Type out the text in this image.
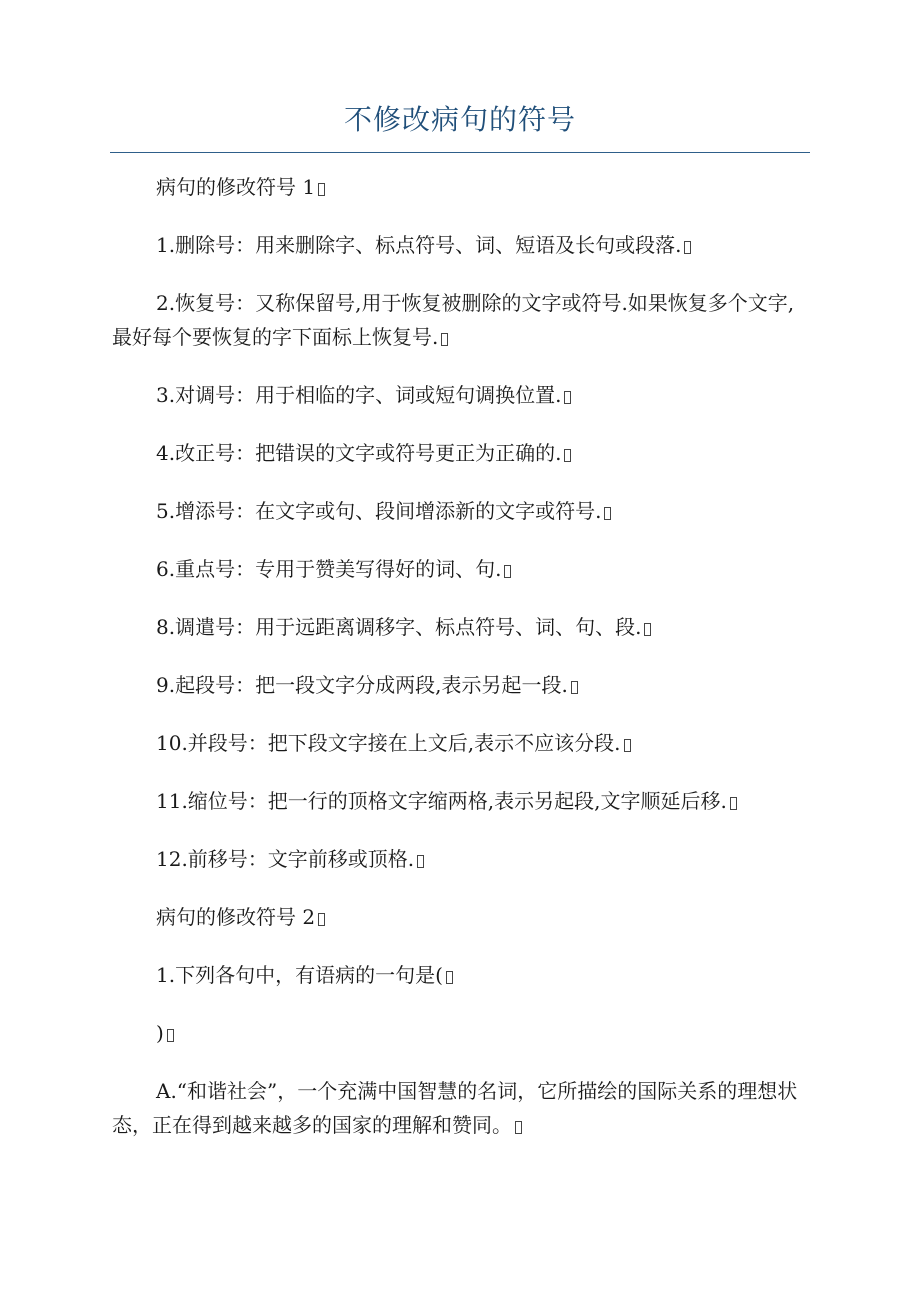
不修改病句的符号

病句的修改符号 1

1.删除号：用来删除字、标点符号、词、短语及长句或段落.

2.恢复号：又称保留号,用于恢复被删除的文字或符号.如果恢复多个文字,最好每个要恢复的字下面标上恢复号.

3.对调号：用于相临的字、词或短句调换位置.

4.改正号：把错误的文字或符号更正为正确的.

5.增添号：在文字或句、段间增添新的文字或符号.

6.重点号：专用于赞美写得好的词、句.

8.调遣号：用于远距离调移字、标点符号、词、句、段.

9.起段号：把一段文字分成两段,表示另起一段.

10.并段号：把下段文字接在上文后,表示不应该分段.

11.缩位号：把一行的顶格文字缩两格,表示另起段,文字顺延后移.

12.前移号：文字前移或顶格.

病句的修改符号 2

1.下列各句中，有语病的一句是(

)

A.“和谐社会”，一个充满中国智慧的名词，它所描绘的国际关系的理想状态，正在得到越来越多的国家的理解和赞同。
